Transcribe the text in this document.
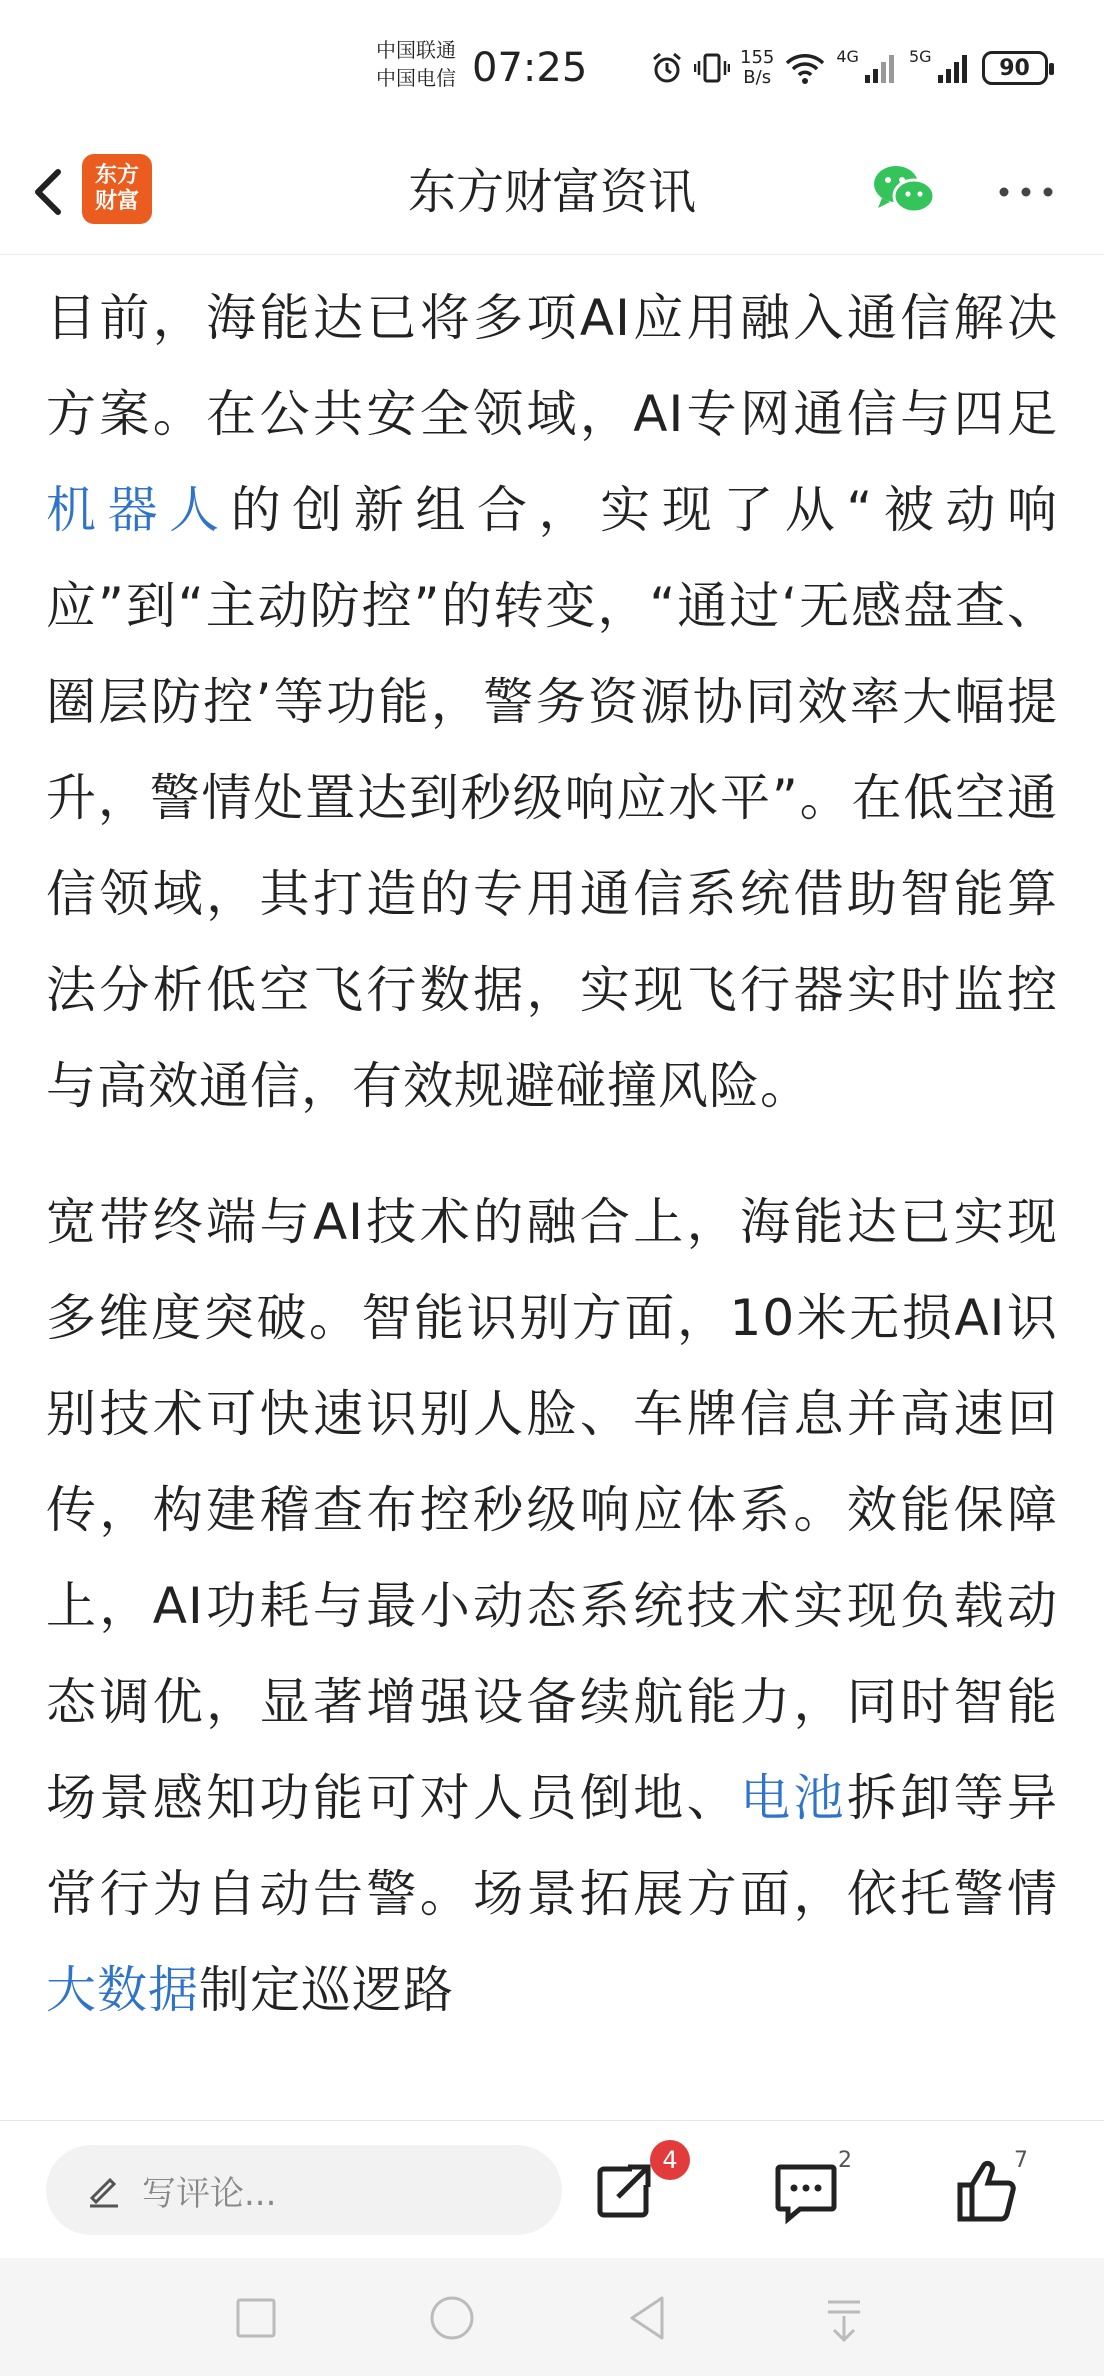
中国联通
中国电信 07:25	155
B/s
4G	5G	90
东方
财富	东方财富资讯

目前，海能达已将多项AI应用融入通信解决方案。在公共安全领域，AI专网通信与四足机器人的创新组合，实现了从“被动响应”到“主动防控”的转变，“通过‘无感盘查、圈层防控’等功能，警务资源协同效率大幅提升，警情处置达到秒级响应水平”。在低空通信领域，其打造的专用通信系统借助智能算法分析低空飞行数据，实现飞行器实时监控与高效通信，有效规避碰撞风险。

宽带终端与AI技术的融合上，海能达已实现多维度突破。智能识别方面，10米无损AI识别技术可快速识别人脸、车牌信息并高速回传，构建稽查布控秒级响应体系。效能保障上，AI功耗与最小动态系统技术实现负载动态调优，显著增强设备续航能力，同时智能场景感知功能可对人员倒地、电池拆卸等异常行为自动告警。场景拓展方面，依托警情大数据制定巡逻路

写评论...
4	2	7
